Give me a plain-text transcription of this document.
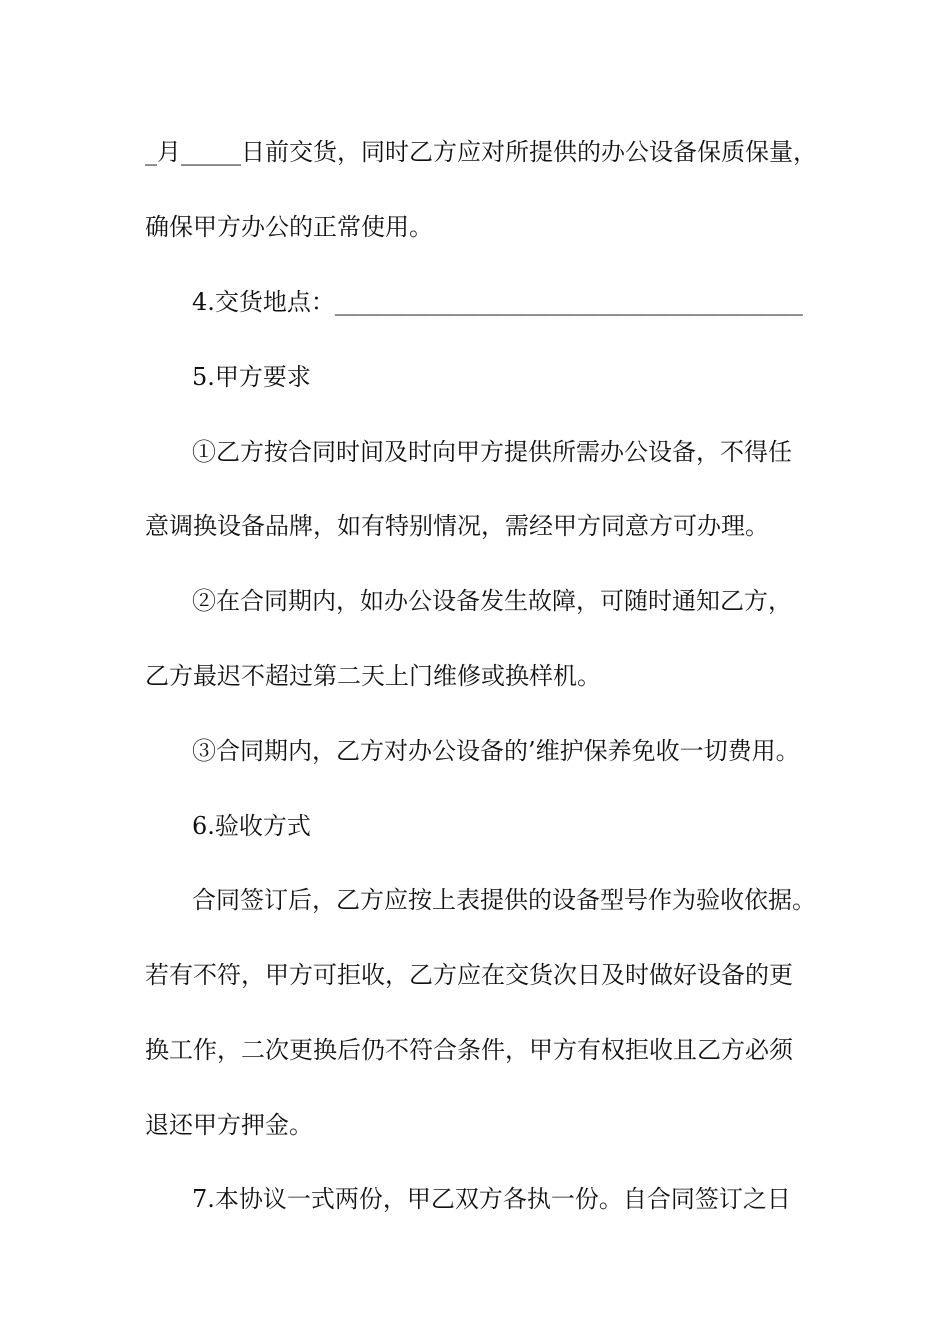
_月_____日前交货，同时乙方应对所提供的办公设备保质保量，
确保甲方办公的正常使用。
4.交货地点：_______________________________________
5.甲方要求
①乙方按合同时间及时向甲方提供所需办公设备，不得任
意调换设备品牌，如有特别情况，需经甲方同意方可办理。
②在合同期内，如办公设备发生故障，可随时通知乙方，
乙方最迟不超过第二天上门维修或换样机。
③合同期内，乙方对办公设备的’维护保养免收一切费用。
6.验收方式
合同签订后，乙方应按上表提供的设备型号作为验收依据。
若有不符，甲方可拒收，乙方应在交货次日及时做好设备的更
换工作，二次更换后仍不符合条件，甲方有权拒收且乙方必须
退还甲方押金。
7.本协议一式两份，甲乙双方各执一份。自合同签订之日
